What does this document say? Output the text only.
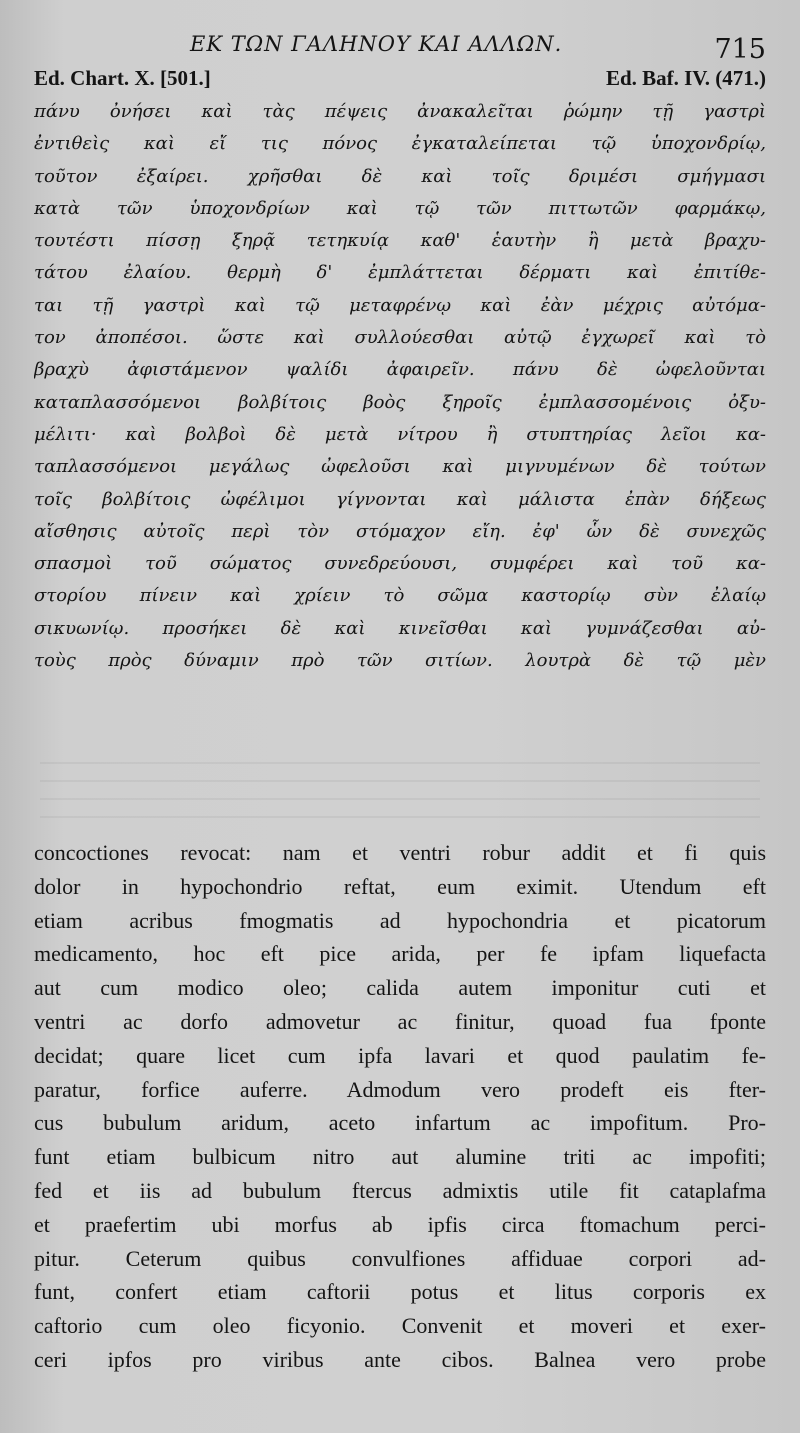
ΕΚ ΤΩΝ ΓΑΛΗΝΟΥ ΚΑΙ ΑΛΛΩΝ.	715
Ed. Chart. X. [501.]	Ed. Baf. IV. (471.)
πάνυ ὀνήσει καὶ τὰς πέψεις ἀνακαλεῖται ῥώμην τῇ γαστρὶ
ἐντιθεὶς καὶ εἴ τις πόνος ἐγκαταλείπεται τῷ ὑποχονδρίῳ,
τοῦτον ἐξαίρει. χρῆσθαι δὲ καὶ τοῖς δριμέσι σμήγμασι
κατὰ τῶν ὑποχονδρίων καὶ τῷ τῶν πιττωτῶν φαρμάκῳ,
τουτέστι πίσσῃ ξηρᾷ τετηκυίᾳ καθ' ἑαυτὴν ἢ μετὰ βραχυ-
τάτου ἐλαίου. θερμὴ δ' ἐμπλάττεται δέρματι καὶ ἐπιτίθε-
ται τῇ γαστρὶ καὶ τῷ μεταφρένῳ καὶ ἐὰν μέχρις αὐτόμα-
τον ἀποπέσοι. ὥστε καὶ συλλούεσθαι αὐτῷ ἐγχωρεῖ καὶ τὸ
βραχὺ ἀφιστάμενον ψαλίδι ἀφαιρεῖν. πάνυ δὲ ὠφελοῦνται
καταπλασσόμενοι βολβίτοις βοὸς ξηροῖς ἐμπλασσομένοις ὀξυ-
μέλιτι· καὶ βολβοὶ δὲ μετὰ νίτρου ἢ στυπτηρίας λεῖοι κα-
ταπλασσόμενοι μεγάλως ὠφελοῦσι καὶ μιγνυμένων δὲ τούτων
τοῖς βολβίτοις ὠφέλιμοι γίγνονται καὶ μάλιστα ἐπὰν δήξεως
αἴσθησις αὐτοῖς περὶ τὸν στόμαχον εἴη. ἐφ' ὧν δὲ συνεχῶς
σπασμοὶ τοῦ σώματος συνεδρεύουσι, συμφέρει καὶ τοῦ κα-
στορίου πίνειν καὶ χρίειν τὸ σῶμα καστορίῳ σὺν ἐλαίῳ
σικυωνίῳ. προσήκει δὲ καὶ κινεῖσθαι καὶ γυμνάζεσθαι αὐ-
τοὺς πρὸς δύναμιν πρὸ τῶν σιτίων. λουτρὰ δὲ τῷ μὲν
concoctiones revocat: nam et ventri robur addit et fi quis
dolor in hypochondrio reftat, eum eximit. Utendum eft
etiam acribus fmogmatis ad hypochondria et picatorum
medicamento, hoc eft pice arida, per fe ipfam liquefacta
aut cum modico oleo; calida autem imponitur cuti et
ventri ac dorfo admovetur ac finitur, quoad fua fponte
decidat; quare licet cum ipfa lavari et quod paulatim fe-
paratur, forfice auferre. Admodum vero prodeft eis fter-
cus bubulum aridum, aceto infartum ac impofitum. Pro-
funt etiam bulbicum nitro aut alumine triti ac impofiti;
fed et iis ad bubulum ftercus admixtis utile fit cataplafma
et praefertim ubi morfus ab ipfis circa ftomachum perci-
pitur. Ceterum quibus convulfiones affiduae corpori ad-
funt, confert etiam caftorii potus et litus corporis ex
caftorio cum oleo ficyonio. Convenit et moveri et exer-
ceri ipfos pro viribus ante cibos. Balnea vero probe
